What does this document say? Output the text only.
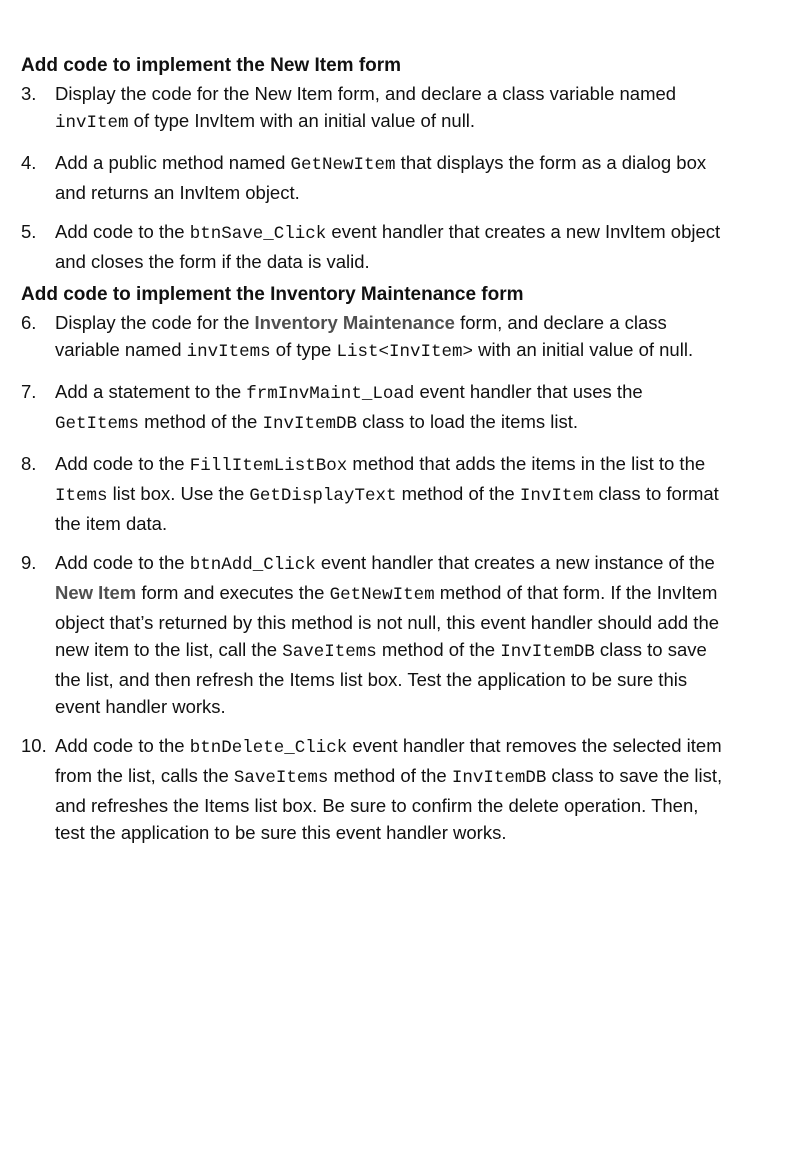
Add code to implement the New Item form
3. Display the code for the New Item form, and declare a class variable named invItem of type InvItem with an initial value of null.
4. Add a public method named GetNewItem that displays the form as a dialog box and returns an InvItem object.
5. Add code to the btnSave_Click event handler that creates a new InvItem object and closes the form if the data is valid.
Add code to implement the Inventory Maintenance form
6. Display the code for the Inventory Maintenance form, and declare a class variable named invItems of type List<InvItem> with an initial value of null.
7. Add a statement to the frmInvMaint_Load event handler that uses the GetItems method of the InvItemDB class to load the items list.
8. Add code to the FillItemListBox method that adds the items in the list to the Items list box. Use the GetDisplayText method of the InvItem class to format the item data.
9. Add code to the btnAdd_Click event handler that creates a new instance of the New Item form and executes the GetNewItem method of that form. If the InvItem object that’s returned by this method is not null, this event handler should add the new item to the list, call the SaveItems method of the InvItemDB class to save the list, and then refresh the Items list box. Test the application to be sure this event handler works.
10. Add code to the btnDelete_Click event handler that removes the selected item from the list, calls the SaveItems method of the InvItemDB class to save the list, and refreshes the Items list box. Be sure to confirm the delete operation. Then, test the application to be sure this event handler works.
